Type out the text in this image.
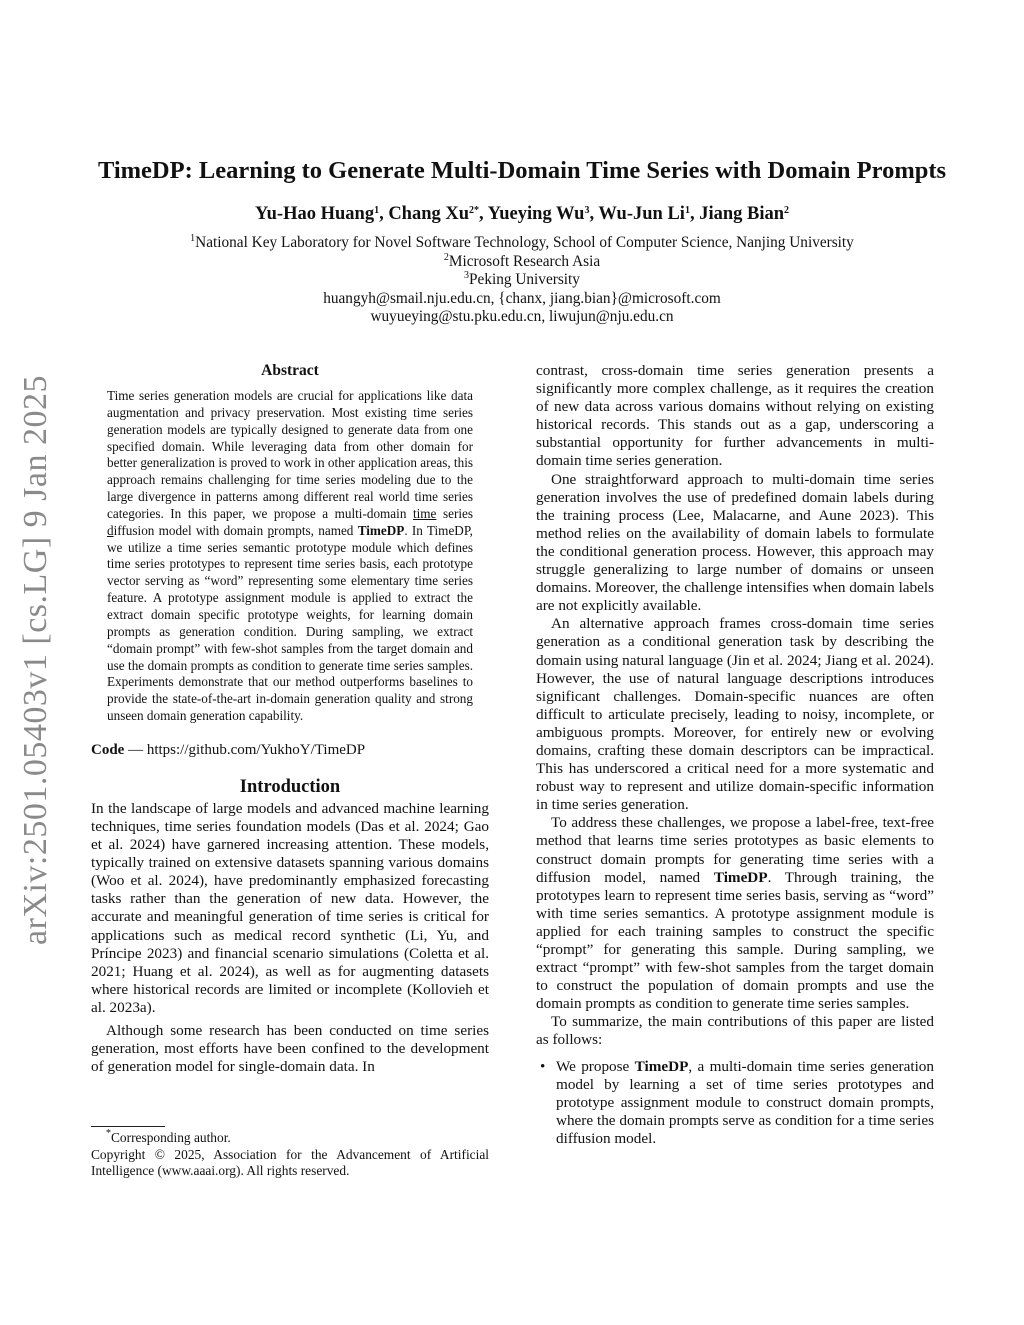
arXiv:2501.05403v1 [cs.LG] 9 Jan 2025
TimeDP: Learning to Generate Multi-Domain Time Series with Domain Prompts
Yu-Hao Huang$^1$, Chang $Xu^{2*}$, Yueying Wu$^3$, Wu-Jun Li$^1$, Jiang Bian$^2$
$^1$National Key Laboratory for Novel Software Technology, School of Computer Science, Nanjing University
$^2$Microsoft Research Asia
$^3$Peking University
huangyh@smail.nju.edu.cn, {chanx, jiang.bian}@microsoft.com
wuyueying@stu.pku.edu.cn, liwujun@nju.edu.cn
Abstract
Time series generation models are crucial for applications like data augmentation and privacy preservation. Most existing time series generation models are typically designed to generate data from one specified domain. While leveraging data from other domain for better generalization is proved to work in other application areas, this approach remains challenging for time series modeling due to the large divergence in patterns among different real world time series categories. In this paper, we propose a multi-domain time series diffusion model with domain prompts, named TimeDP. In TimeDP, we utilize a time series semantic prototype module which defines time series prototypes to represent time series basis, each prototype vector serving as “word” representing some elementary time series feature. A prototype assignment module is applied to extract the extract domain specific prototype weights, for learning domain prompts as generation condition. During sampling, we extract “domain prompt” with few-shot samples from the target domain and use the domain prompts as condition to generate time series samples. Experiments demonstrate that our method outperforms baselines to provide the state-of-the-art in-domain generation quality and strong unseen domain generation capability.
Code — https://github.com/YukhoY/TimeDP
Introduction

In the landscape of large models and advanced machine learning techniques, time series foundation models (Das et al. 2024; Gao et al. 2024) have garnered increasing attention. These models, typically trained on extensive datasets spanning various domains (Woo et al. 2024), have predominantly emphasized forecasting tasks rather than the generation of new data. However, the accurate and meaningful generation of time series is critical for applications such as medical record synthetic (Li, Yu, and Príncipe 2023) and financial scenario simulations (Coletta et al. 2021; Huang et al. 2024), as well as for augmenting datasets where historical records are limited or incomplete (Kollovieh et al. 2023a).

Although some research has been conducted on time series generation, most efforts have been confined to the development of generation model for single-domain data. In

*Corresponding author.
Copyright © 2025, Association for the Advancement of Artificial Intelligence (www.aaai.org). All rights reserved.

contrast, cross-domain time series generation presents a significantly more complex challenge, as it requires the creation of new data across various domains without relying on existing historical records. This stands out as a gap, underscoring a substantial opportunity for further advancements in multi-domain time series generation.

One straightforward approach to multi-domain time series generation involves the use of predefined domain labels during the training process (Lee, Malacarne, and Aune 2023). This method relies on the availability of domain labels to formulate the conditional generation process. However, this approach may struggle generalizing to large number of domains or unseen domains. Moreover, the challenge intensifies when domain labels are not explicitly available.

An alternative approach frames cross-domain time series generation as a conditional generation task by describing the domain using natural language (Jin et al. 2024; Jiang et al. 2024). However, the use of natural language descriptions introduces significant challenges. Domain-specific nuances are often difficult to articulate precisely, leading to noisy, incomplete, or ambiguous prompts. Moreover, for entirely new or evolving domains, crafting these domain descriptors can be impractical. This has underscored a critical need for a more systematic and robust way to represent and utilize domain-specific information in time series generation.

To address these challenges, we propose a label-free, text-free method that learns time series prototypes as basic elements to construct domain prompts for generating time series with a diffusion model, named TimeDP. Through training, the prototypes learn to represent time series basis, serving as “word” with time series semantics. A prototype assignment module is applied for each training samples to construct the specific “prompt” for generating this sample. During sampling, we extract “prompt” with few-shot samples from the target domain to construct the population of domain prompts and use the domain prompts as condition to generate time series samples.

To summarize, the main contributions of this paper are listed as follows:

• We propose TimeDP, a multi-domain time series generation model by learning a set of time series prototypes and prototype assignment module to construct domain prompts, where the domain prompts serve as condition for a time series diffusion model.
